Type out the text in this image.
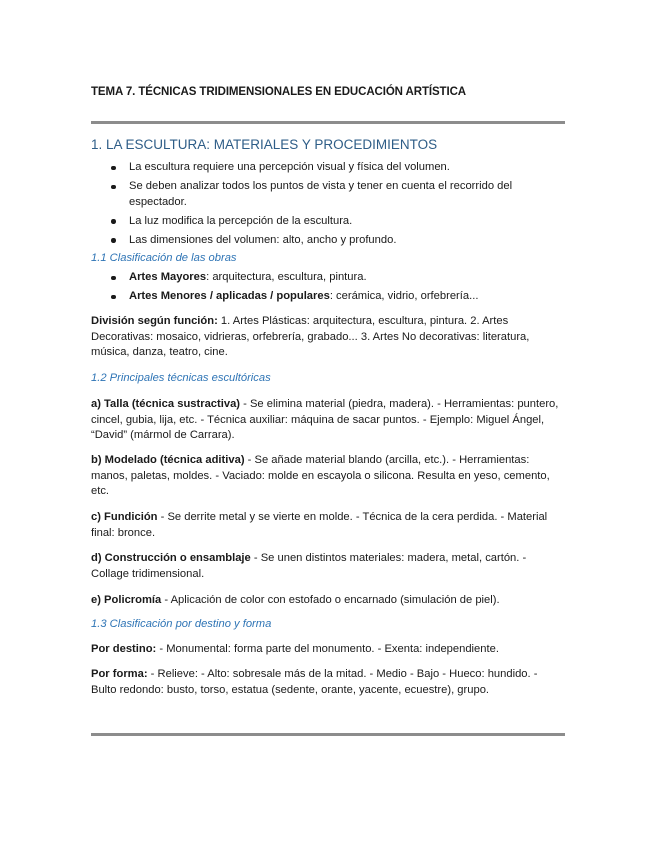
TEMA 7. TÉCNICAS TRIDIMENSIONALES EN EDUCACIÓN ARTÍSTICA
1. LA ESCULTURA: MATERIALES Y PROCEDIMIENTOS
La escultura requiere una percepción visual y física del volumen.
Se deben analizar todos los puntos de vista y tener en cuenta el recorrido del espectador.
La luz modifica la percepción de la escultura.
Las dimensiones del volumen: alto, ancho y profundo.
1.1 Clasificación de las obras
Artes Mayores: arquitectura, escultura, pintura.
Artes Menores / aplicadas / populares: cerámica, vidrio, orfebrería...
División según función: 1. Artes Plásticas: arquitectura, escultura, pintura. 2. Artes Decorativas: mosaico, vidrieras, orfebrería, grabado... 3. Artes No decorativas: literatura, música, danza, teatro, cine.
1.2 Principales técnicas escultóricas
a) Talla (técnica sustractiva) - Se elimina material (piedra, madera). - Herramientas: puntero, cincel, gubia, lija, etc. - Técnica auxiliar: máquina de sacar puntos. - Ejemplo: Miguel Ángel, “David” (mármol de Carrara).
b) Modelado (técnica aditiva) - Se añade material blando (arcilla, etc.). - Herramientas: manos, paletas, moldes. - Vaciado: molde en escayola o silicona. Resulta en yeso, cemento, etc.
c) Fundición - Se derrite metal y se vierte en molde. - Técnica de la cera perdida. - Material final: bronce.
d) Construcción o ensamblaje - Se unen distintos materiales: madera, metal, cartón. - Collage tridimensional.
e) Policromía - Aplicación de color con estofado o encarnado (simulación de piel).
1.3 Clasificación por destino y forma
Por destino: - Monumental: forma parte del monumento. - Exenta: independiente.
Por forma: - Relieve: - Alto: sobresale más de la mitad. - Medio - Bajo - Hueco: hundido. - Bulto redondo: busto, torso, estatua (sedente, orante, yacente, ecuestre), grupo.
